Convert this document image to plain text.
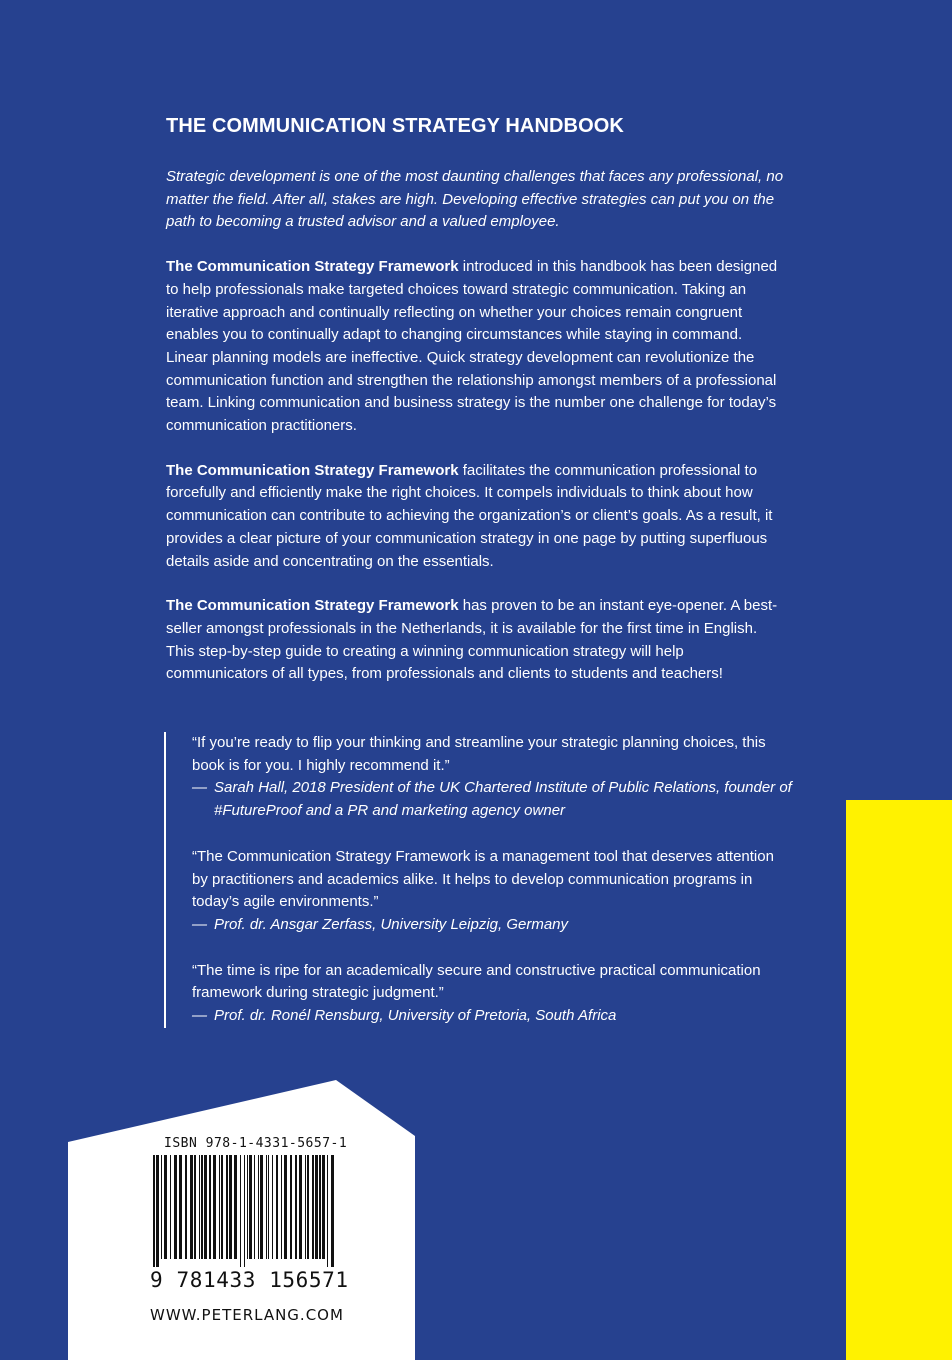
THE COMMUNICATION STRATEGY HANDBOOK

Strategic development is one of the most daunting challenges that faces any professional, no matter the field. After all, stakes are high. Developing effective strategies can put you on the path to becoming a trusted advisor and a valued employee.

The Communication Strategy Framework introduced in this handbook has been designed to help professionals make targeted choices toward strategic communication. Taking an iterative approach and continually reflecting on whether your choices remain congruent enables you to continually adapt to changing circumstances while staying in command. Linear planning models are ineffective. Quick strategy development can revolutionize the communication function and strengthen the relationship amongst members of a professional team. Linking communication and business strategy is the number one challenge for today’s communication practitioners.

The Communication Strategy Framework facilitates the communication professional to forcefully and efficiently make the right choices. It compels individuals to think about how communication can contribute to achieving the organization’s or client’s goals. As a result, it provides a clear picture of your communication strategy in one page by putting superfluous details aside and concentrating on the essentials.

The Communication Strategy Framework has proven to be an instant eye-opener. A best-seller amongst professionals in the Netherlands, it is available for the first time in English. This step-by-step guide to creating a winning communication strategy will help communicators of all types, from professionals and clients to students and teachers!

“If you’re ready to flip your thinking and streamline your strategic planning choices, this book is for you. I highly recommend it.”
— Sarah Hall, 2018 President of the UK Chartered Institute of Public Relations, founder of #FutureProof and a PR and marketing agency owner
“The Communication Strategy Framework is a management tool that deserves attention by practitioners and academics alike. It helps to develop communication programs in today’s agile environments.”
— Prof. dr. Ansgar Zerfass, University Leipzig, Germany
“The time is ripe for an academically secure and constructive practical communication framework during strategic judgment.”
— Prof. dr. Ronél Rensburg, University of Pretoria, South Africa
ISBN 978-1-4331-5657-1
9 781433 156571
WWW.PETERLANG.COM
